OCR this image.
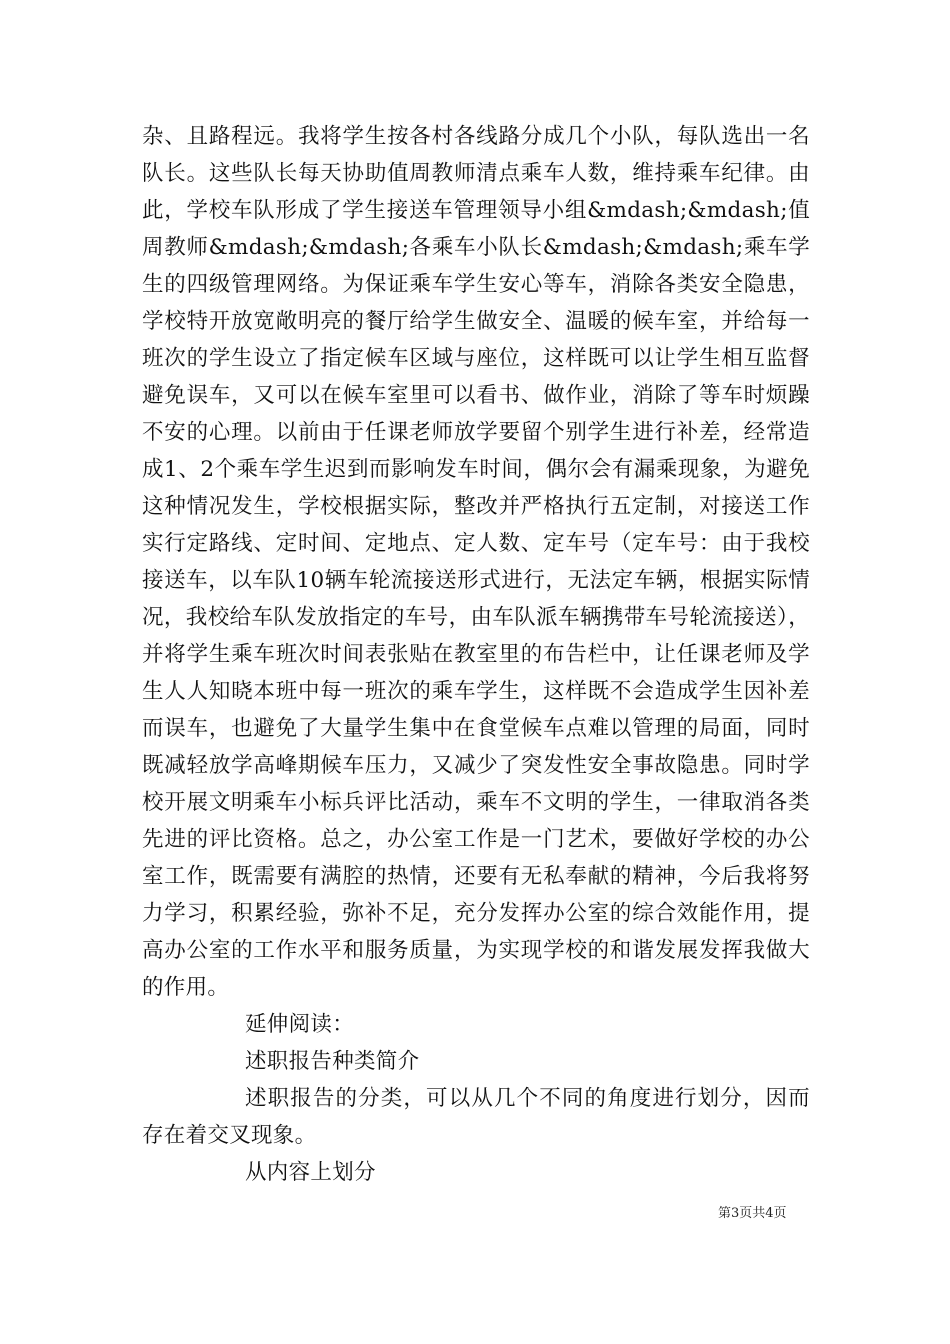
杂、且路程远。我将学生按各村各线路分成几个小队，每队选出一名队长。这些队长每天协助值周教师清点乘车人数，维持乘车纪律。由此，学校车队形成了学生接送车管理领导小组&mdash;&mdash;值周教师&mdash;&mdash;各乘车小队长&mdash;&mdash;乘车学生的四级管理网络。为保证乘车学生安心等车，消除各类安全隐患，学校特开放宽敞明亮的餐厅给学生做安全、温暖的候车室，并给每一班次的学生设立了指定候车区域与座位，这样既可以让学生相互监督避免误车，又可以在候车室里可以看书、做作业，消除了等车时烦躁不安的心理。以前由于任课老师放学要留个别学生进行补差，经常造成1、2个乘车学生迟到而影响发车时间，偶尔会有漏乘现象，为避免这种情况发生，学校根据实际，整改并严格执行五定制，对接送工作实行定路线、定时间、定地点、定人数、定车号（定车号：由于我校接送车，以车队10辆车轮流接送形式进行，无法定车辆，根据实际情况，我校给车队发放指定的车号，由车队派车辆携带车号轮流接送），并将学生乘车班次时间表张贴在教室里的布告栏中，让任课老师及学生人人知晓本班中每一班次的乘车学生，这样既不会造成学生因补差而误车，也避免了大量学生集中在食堂候车点难以管理的局面，同时既减轻放学高峰期候车压力，又减少了突发性安全事故隐患。同时学校开展文明乘车小标兵评比活动，乘车不文明的学生，一律取消各类先进的评比资格。总之，办公室工作是一门艺术，要做好学校的办公室工作，既需要有满腔的热情，还要有无私奉献的精神，今后我将努力学习，积累经验，弥补不足，充分发挥办公室的综合效能作用，提高办公室的工作水平和服务质量，为实现学校的和谐发展发挥我做大的作用。

延伸阅读：

述职报告种类简介

述职报告的分类，可以从几个不同的角度进行划分，因而存在着交叉现象。

从内容上划分

第3页共4页
